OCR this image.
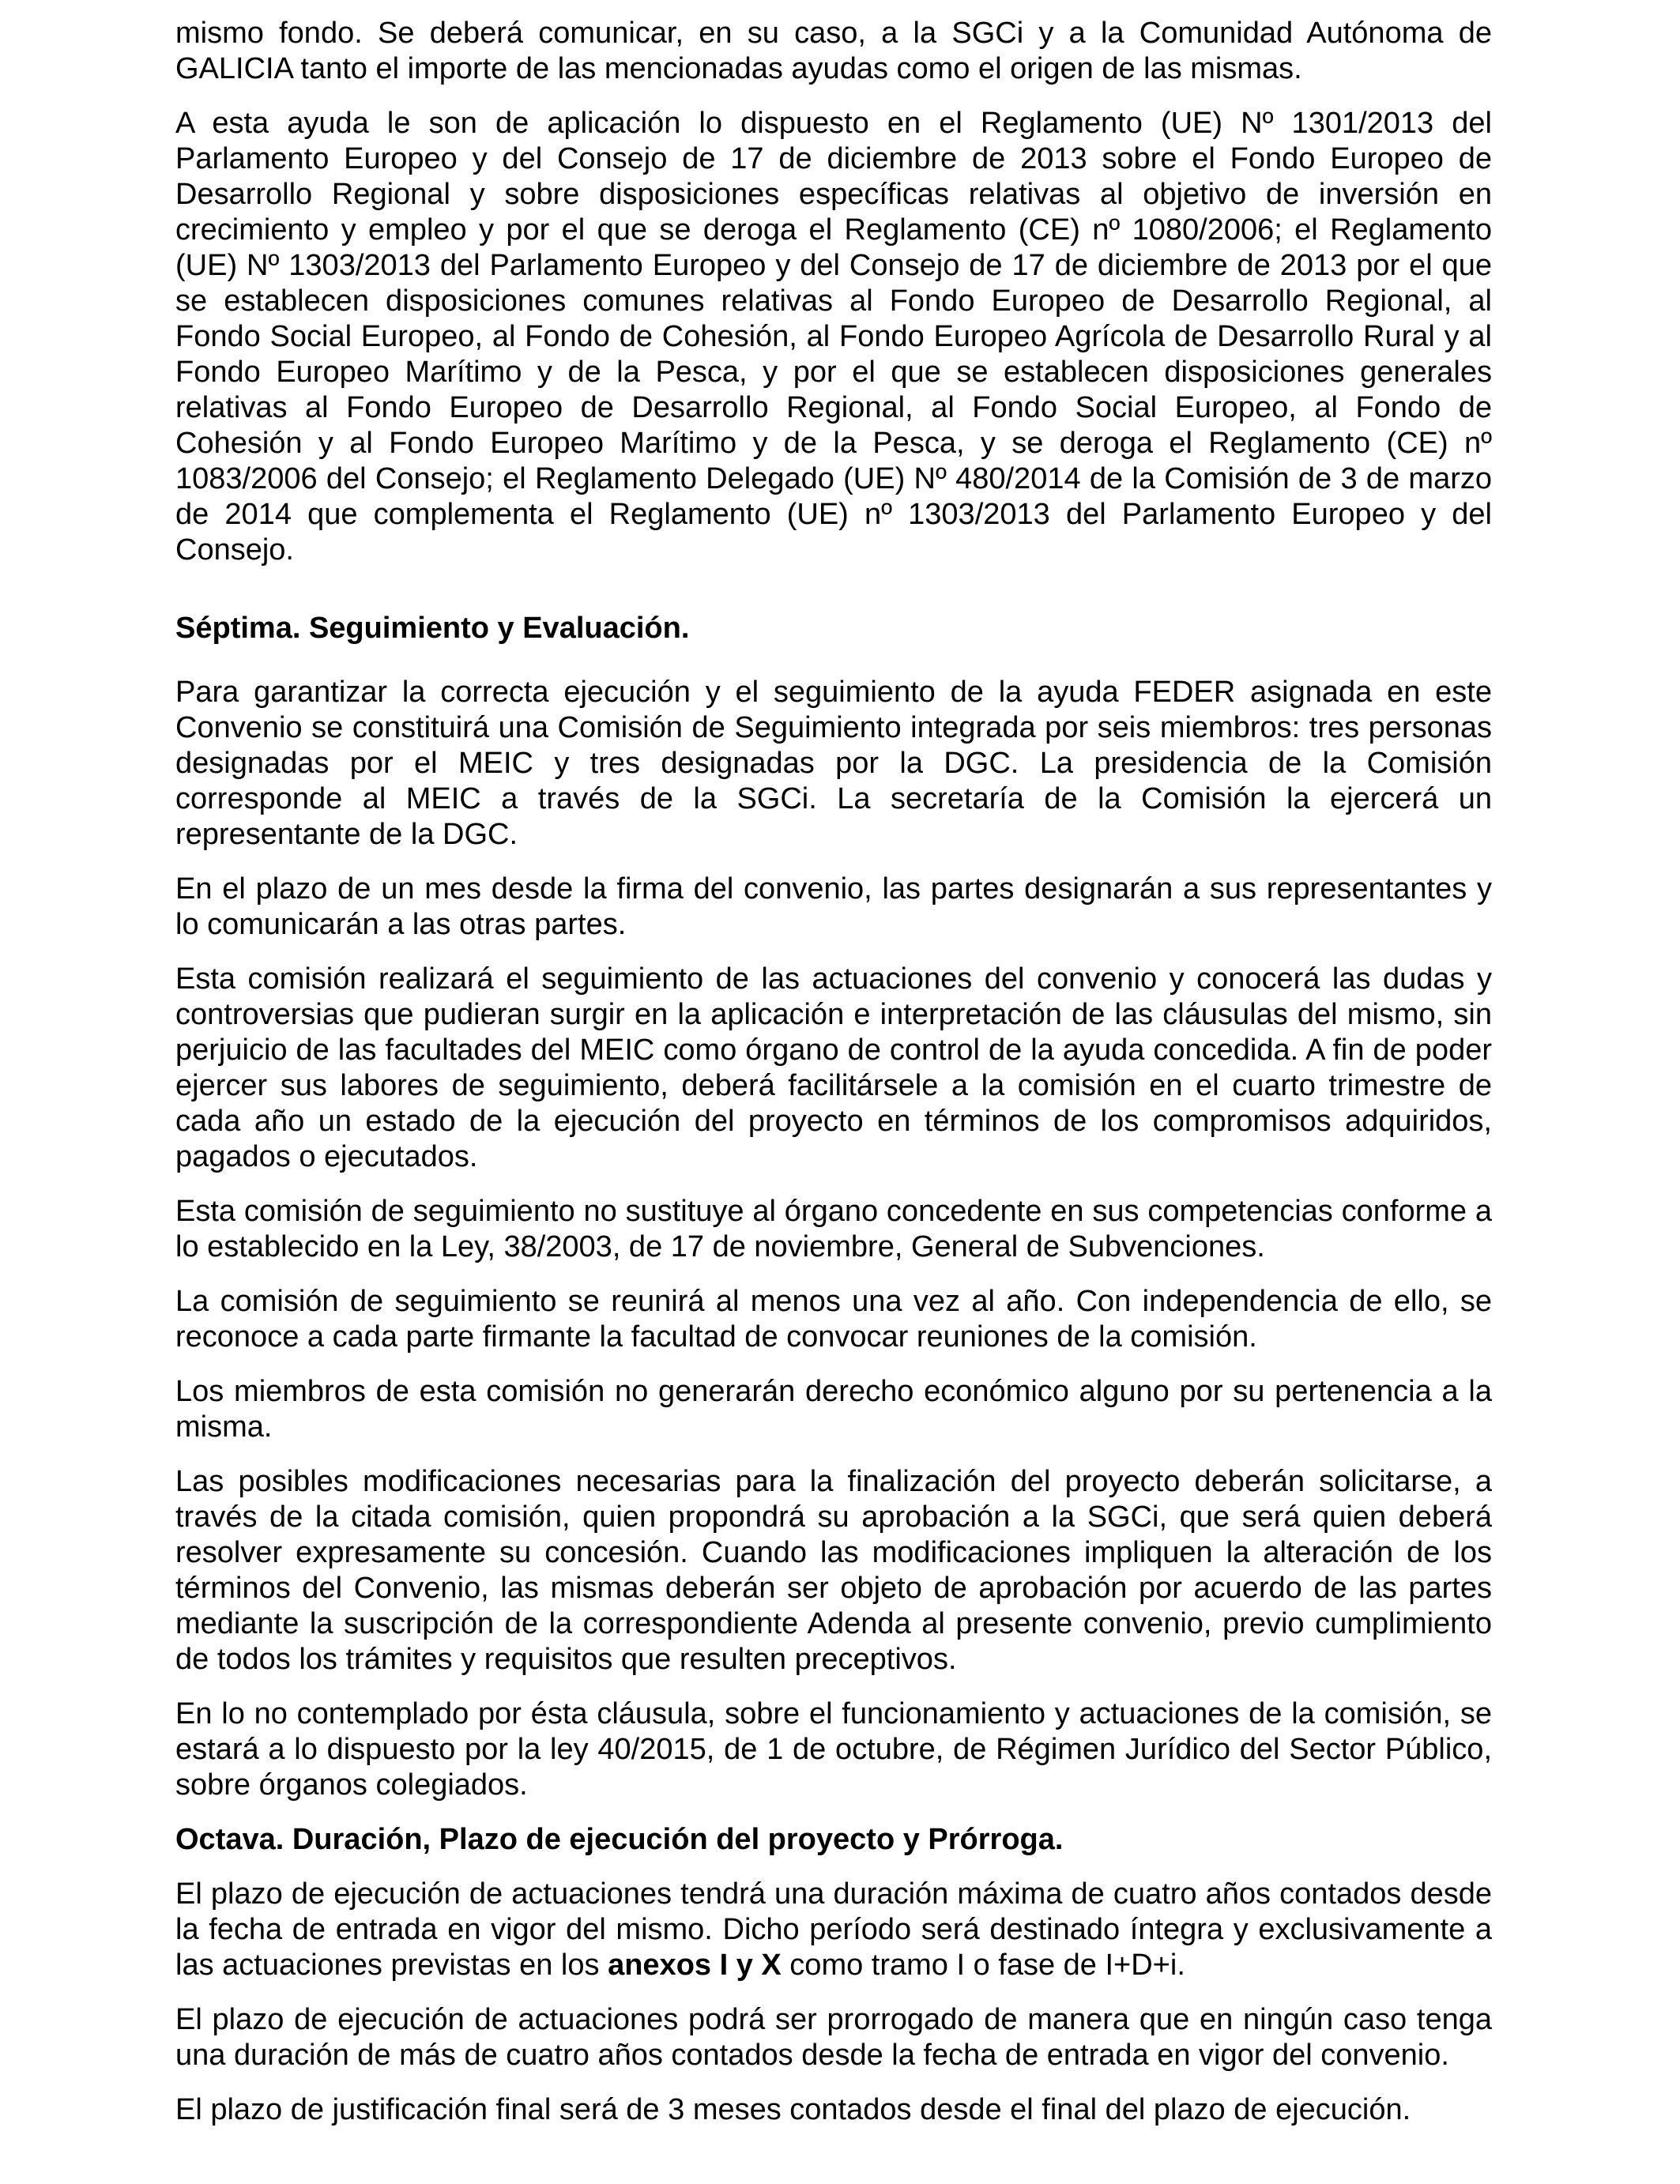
mismo fondo. Se deberá comunicar, en su caso, a la SGCi y a la Comunidad Autónoma de GALICIA tanto el importe de las mencionadas ayudas como el origen de las mismas.

A esta ayuda le son de aplicación lo dispuesto en el Reglamento (UE) Nº 1301/2013 del Parlamento Europeo y del Consejo de 17 de diciembre de 2013 sobre el Fondo Europeo de Desarrollo Regional y sobre disposiciones específicas relativas al objetivo de inversión en crecimiento y empleo y por el que se deroga el Reglamento (CE) nº 1080/2006; el Reglamento (UE) Nº 1303/2013 del Parlamento Europeo y del Consejo de 17 de diciembre de 2013 por el que se establecen disposiciones comunes relativas al Fondo Europeo de Desarrollo Regional, al Fondo Social Europeo, al Fondo de Cohesión, al Fondo Europeo Agrícola de Desarrollo Rural y al Fondo Europeo Marítimo y de la Pesca, y por el que se establecen disposiciones generales relativas al Fondo Europeo de Desarrollo Regional, al Fondo Social Europeo, al Fondo de Cohesión y al Fondo Europeo Marítimo y de la Pesca, y se deroga el Reglamento (CE) nº 1083/2006 del Consejo; el Reglamento Delegado (UE) Nº 480/2014 de la Comisión de 3 de marzo de 2014 que complementa el Reglamento (UE) nº 1303/2013 del Parlamento Europeo y del Consejo.

Séptima. Seguimiento y Evaluación.

Para garantizar la correcta ejecución y el seguimiento de la ayuda FEDER asignada en este Convenio se constituirá una Comisión de Seguimiento integrada por seis miembros: tres personas designadas por el MEIC y tres designadas por la DGC. La presidencia de la Comisión corresponde al MEIC a través de la SGCi. La secretaría de la Comisión la ejercerá un representante de la DGC.

En el plazo de un mes desde la firma del convenio, las partes designarán a sus representantes y lo comunicarán a las otras partes.

Esta comisión realizará el seguimiento de las actuaciones del convenio y conocerá las dudas y controversias que pudieran surgir en la aplicación e interpretación de las cláusulas del mismo, sin perjuicio de las facultades del MEIC como órgano de control de la ayuda concedida. A fin de poder ejercer sus labores de seguimiento, deberá facilitársele a la comisión en el cuarto trimestre de cada año un estado de la ejecución del proyecto en términos de los compromisos adquiridos, pagados o ejecutados.

Esta comisión de seguimiento no sustituye al órgano concedente en sus competencias conforme a lo establecido en la Ley, 38/2003, de 17 de noviembre, General de Subvenciones.

La comisión de seguimiento se reunirá al menos una vez al año. Con independencia de ello, se reconoce a cada parte firmante la facultad de convocar reuniones de la comisión.

Los miembros de esta comisión no generarán derecho económico alguno por su pertenencia a la misma.

Las posibles modificaciones necesarias para la finalización del proyecto deberán solicitarse, a través de la citada comisión, quien propondrá su aprobación a la SGCi, que será quien deberá resolver expresamente su concesión. Cuando las modificaciones impliquen la alteración de los términos del Convenio, las mismas deberán ser objeto de aprobación por acuerdo de las partes mediante la suscripción de la correspondiente Adenda al presente convenio, previo cumplimiento de todos los trámites y requisitos que resulten preceptivos.

En lo no contemplado por ésta cláusula, sobre el funcionamiento y actuaciones de la comisión, se estará a lo dispuesto por la ley 40/2015, de 1 de octubre, de Régimen Jurídico del Sector Público, sobre órganos colegiados.

Octava. Duración, Plazo de ejecución del proyecto y Prórroga.

El plazo de ejecución de actuaciones tendrá una duración máxima de cuatro años contados desde la fecha de entrada en vigor del mismo. Dicho período será destinado íntegra y exclusivamente a las actuaciones previstas en los anexos I y X como tramo I o fase de I+D+i.

El plazo de ejecución de actuaciones podrá ser prorrogado de manera que en ningún caso tenga una duración de más de cuatro años contados desde la fecha de entrada en vigor del convenio.

El plazo de justificación final será de 3 meses contados desde el final del plazo de ejecución.
